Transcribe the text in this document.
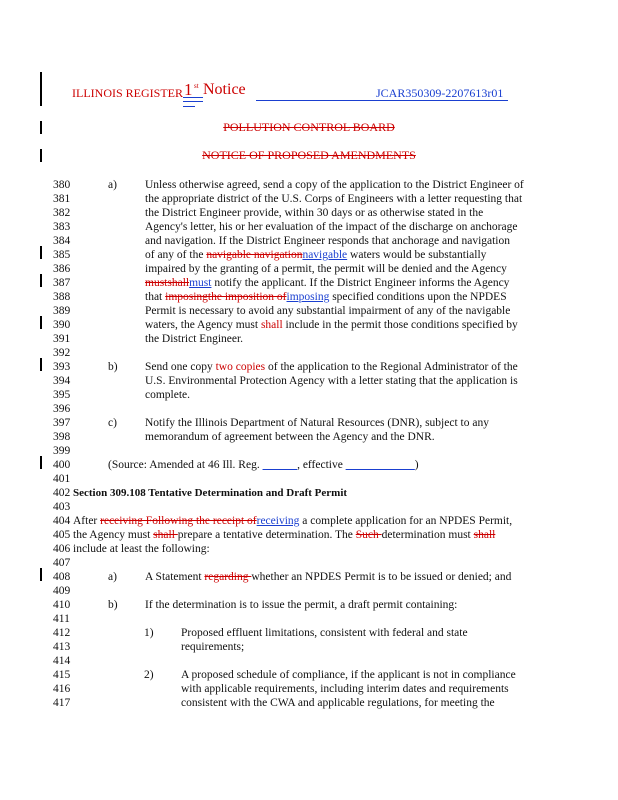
ILLINOIS REGISTER 1 st Notice	JCAR350309-2207613r01
POLLUTION CONTROL BOARD
NOTICE OF PROPOSED AMENDMENTS
380
381
382
383
384
385
386
387
388
389
390
391
392
393
394
395
396
397
398
399
400
401
402
403
404
405
406
407
408
409
410
411
412
413
414
415
416
417
a)
b)
c)
a)
b)
1)
2)
Unless otherwise agreed, send a copy of the application to the District Engineer of
the appropriate district of the U.S. Corps of Engineers with a letter requesting that
the District Engineer provide, within 30 days or as otherwise stated in the
Agency's letter, his or her evaluation of the impact of the discharge on anchorage
and navigation. If the District Engineer responds that anchorage and navigation
of any of the navigable navigationnavigable waters would be substantially
impaired by the granting of a permit, the permit will be denied and the Agency
mustshallmust notify the applicant. If the District Engineer informs the Agency
that imposingthe imposition ofimposing specified conditions upon the NPDES
Permit is necessary to avoid any substantial impairment of any of the navigable
waters, the Agency must shall include in the permit those conditions specified by
the District Engineer.
Send one copy two copies of the application to the Regional Administrator of the
U.S. Environmental Protection Agency with a letter stating that the application is
complete.
Notify the Illinois Department of Natural Resources (DNR), subject to any
memorandum of agreement between the Agency and the DNR.
(Source: Amended at 46 Ill. Reg. ______, effective ____________)
Section 309.108 Tentative Determination and Draft Permit
After receiving Following the receipt ofreceiving a complete application for an NPDES Permit,
the Agency must shall prepare a tentative determination. The Such determination must shall
include at least the following:
A Statement regarding whether an NPDES Permit is to be issued or denied; and
If the determination is to issue the permit, a draft permit containing:
Proposed effluent limitations, consistent with federal and state
requirements;
A proposed schedule of compliance, if the applicant is not in compliance
with applicable requirements, including interim dates and requirements
consistent with the CWA and applicable regulations, for meeting the
